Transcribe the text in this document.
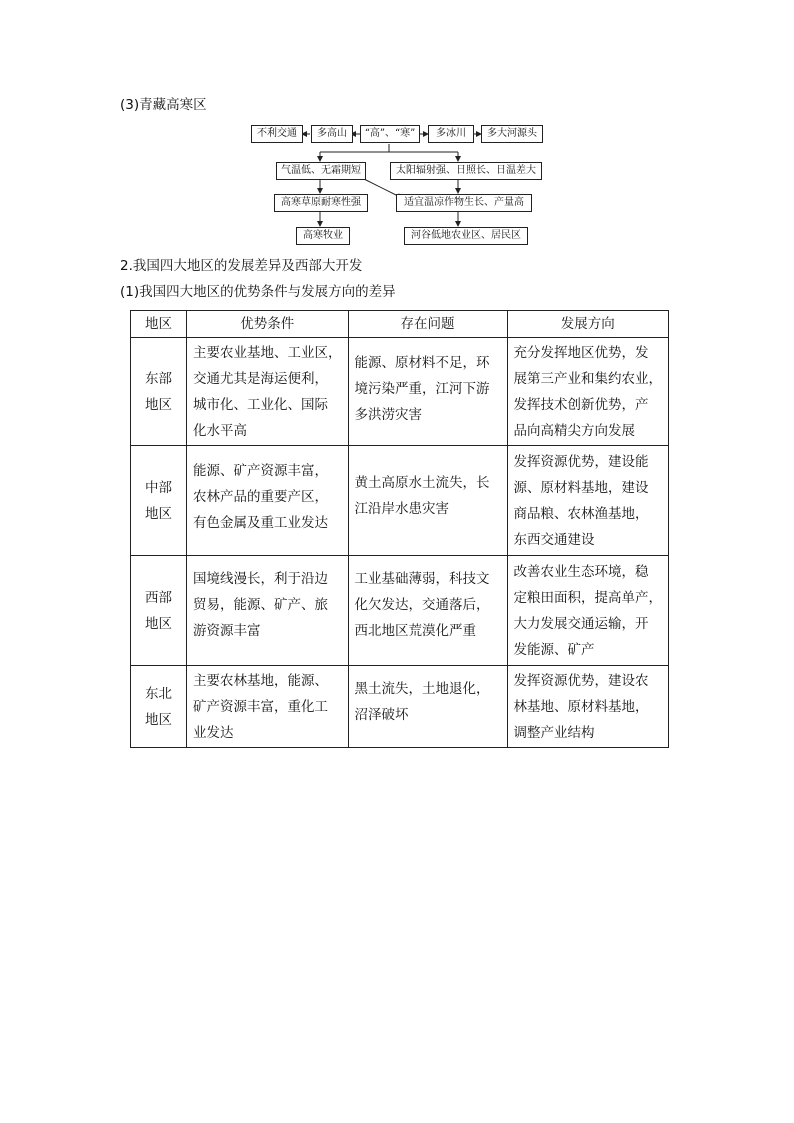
(3)青藏高寒区
不利交通	多高山	“高”、“寒”	多冰川	多大河源头
气温低、无霜期短
高寒草原耐寒性强
高寒牧业
太阳辐射强、日照长、日温差大
适宜温凉作物生长、产量高
河谷低地农业区、居民区
2.我国四大地区的发展差异及西部大开发
(1)我国四大地区的优势条件与发展方向的差异
地区	优势条件	存在问题	发展方向

东部
地区	主要农业基地、工业区，
交通尤其是海运便利，
城市化、工业化、国际
化水平高	能源、原材料不足，环
境污染严重，江河下游
多洪涝灾害	充分发挥地区优势，发
展第三产业和集约农业，
发挥技术创新优势，产
品向高精尖方向发展

中部
地区	能源、矿产资源丰富，
农林产品的重要产区，
有色金属及重工业发达	黄土高原水土流失，长
江沿岸水患灾害	发挥资源优势，建设能
源、原材料基地，建设
商品粮、农林渔基地，
东西交通建设

西部
地区	国境线漫长，利于沿边
贸易，能源、矿产、旅
游资源丰富	工业基础薄弱，科技文
化欠发达，交通落后，
西北地区荒漠化严重	改善农业生态环境，稳
定粮田面积，提高单产，
大力发展交通运输，开
发能源、矿产

东北
地区	主要农林基地，能源、
矿产资源丰富，重化工
业发达	黑土流失，土地退化，
沼泽破坏	发挥资源优势，建设农
林基地、原材料基地，
调整产业结构
